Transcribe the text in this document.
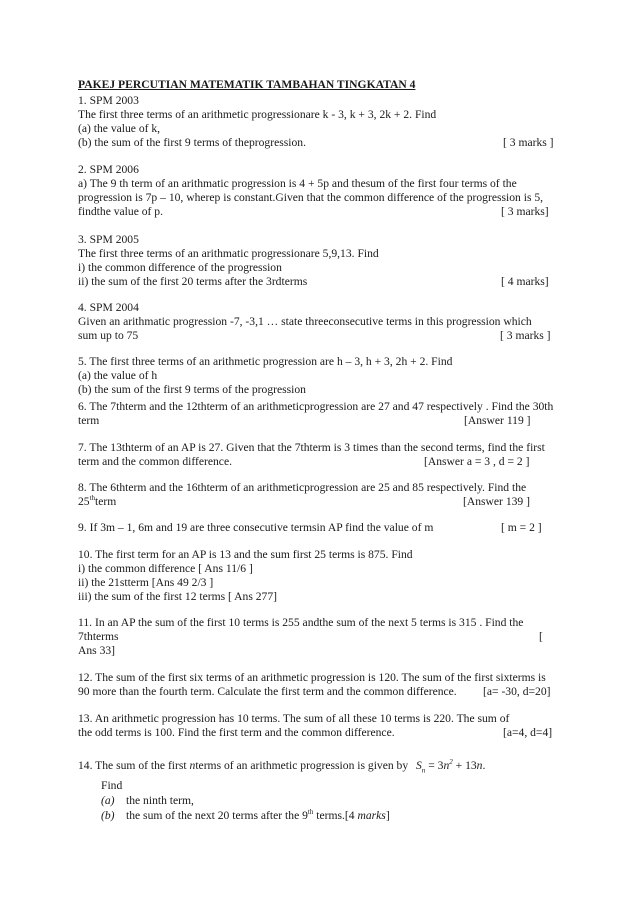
PAKEJ PERCUTIAN MATEMATIK TAMBAHAN TINGKATAN 4
1. SPM 2003
The first three terms of an arithmetic progressionare k - 3, k + 3, 2k + 2. Find
(a) the value of k,
(b) the sum of the first 9 terms of theprogression.	[ 3 marks ]
2. SPM 2006
a) The 9 th term of an arithmatic progression is 4 + 5p and thesum of the first four terms of the
progression is 7p – 10, wherep is constant.Given that the common difference of the progression is 5,
findthe value of p.	[ 3 marks]
3. SPM 2005
The first three terms of an arithmatic progressionare 5,9,13. Find
i) the common difference of the progression
ii) the sum of the first 20 terms after the 3rdterms	[ 4 marks]
4. SPM 2004
Given an arithmatic progression -7, -3,1 … state threeconsecutive terms in this progression which
sum up to 75	[ 3 marks ]
5. The first three terms of an arithmetic progression are h – 3, h + 3, 2h + 2. Find
(a) the value of h
(b) the sum of the first 9 terms of the progression
6. The 7thterm and the 12thterm of an arithmeticprogression are 27 and 47 respectively . Find the 30th
term	[Answer 119 ]
7. The 13thterm of an AP is 27. Given that the 7thterm is 3 times than the second terms, find the first
term and the common difference.	[Answer a = 3 , d = 2 ]
8. The 6thterm and the 16thterm of an arithmeticprogression are 25 and 85 respectively. Find the
25thterm	[Answer 139 ]
9. If 3m – 1, 6m and 19 are three consecutive termsin AP find the value of m	[ m = 2 ]
10. The first term for an AP is 13 and the sum first 25 terms is 875. Find
i) the common difference [ Ans 11/6 ]
ii) the 21stterm [Ans 49 2/3 ]
iii) the sum of the first 12 terms [ Ans 277]
11. In an AP the sum of the first 10 terms is 255 andthe sum of the next 5 terms is 315 . Find the
7thterms	[
Ans 33]
12. The sum of the first six terms of an arithmetic progression is 120. The sum of the first sixterms is
90 more than the fourth term. Calculate the first term and the common difference. [a= -30, d=20]
13. An arithmetic progression has 10 terms. The sum of all these 10 terms is 220. The sum of
the odd terms is 100. Find the first term and the common difference.	[a=4, d=4]
14. The sum of the first nterms of an arithmetic progression is given by $S_n = 3n^2 + 13n$.
Find
(a) the ninth term,
(b) the sum of the next 20 terms after the 9th terms.[4 marks]
